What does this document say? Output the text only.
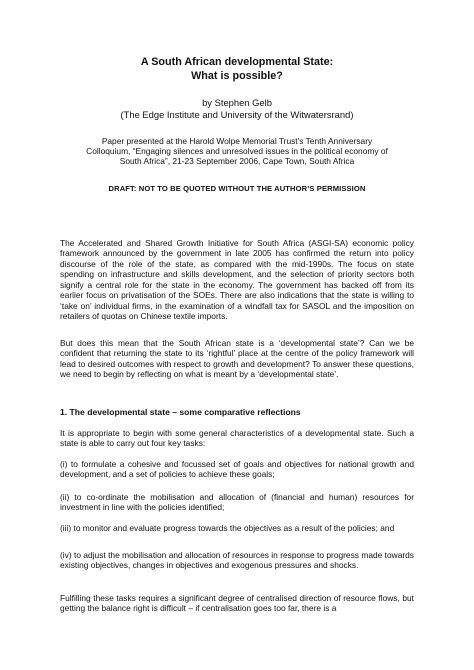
A South African developmental State:

What is possible?

by Stephen Gelb

(The Edge Institute and University of the Witwatersrand)

Paper presented at the Harold Wolpe Memorial Trust's Tenth Anniversary

Colloquium, “Engaging silences and unresolved issues in the political economy of

South Africa”, 21-23 September 2006, Cape Town, South Africa

DRAFT: NOT TO BE QUOTED WITHOUT THE AUTHOR’S PERMISSION
The Accelerated and Shared Growth Initiative for South Africa (ASGI-SA) economic policy framework announced by the government in late 2005 has confirmed the return into policy discourse of the role of the state, as compared with the mid-1990s. The focus on state spending on infrastructure and skills development, and the selection of priority sectors both signify a central role for the state in the economy. The government has backed off from its earlier focus on privatisation of the SOEs. There are also indications that the state is willing to ‘take on’ individual firms, in the examination of a windfall tax for SASOL and the imposition on retailers of quotas on Chinese textile imports.
But does this mean that the South African state is a ‘developmental state’? Can we be confident that returning the state to its ‘rightful’ place at the centre of the policy framework will lead to desired outcomes with respect to growth and development? To answer these questions, we need to begin by reflecting on what is meant by a ‘developmental state’.
1. The developmental state – some comparative reflections
It is appropriate to begin with some general characteristics of a developmental state. Such a state is able to carry out four key tasks:
(i) to formulate a cohesive and focussed set of goals and objectives for national growth and development, and a set of policies to achieve these goals;
(ii) to co-ordinate the mobilisation and allocation of (financial and human) resources for investment in line with the policies identified;
(iii) to monitor and evaluate progress towards the objectives as a result of the policies; and
(iv) to adjust the mobilisation and allocation of resources in response to progress made towards existing objectives, changes in objectives and exogenous pressures and shocks.
Fulfilling these tasks requires a significant degree of centralised direction of resource flows, but getting the balance right is difficult – if centralisation goes too far, there is a
